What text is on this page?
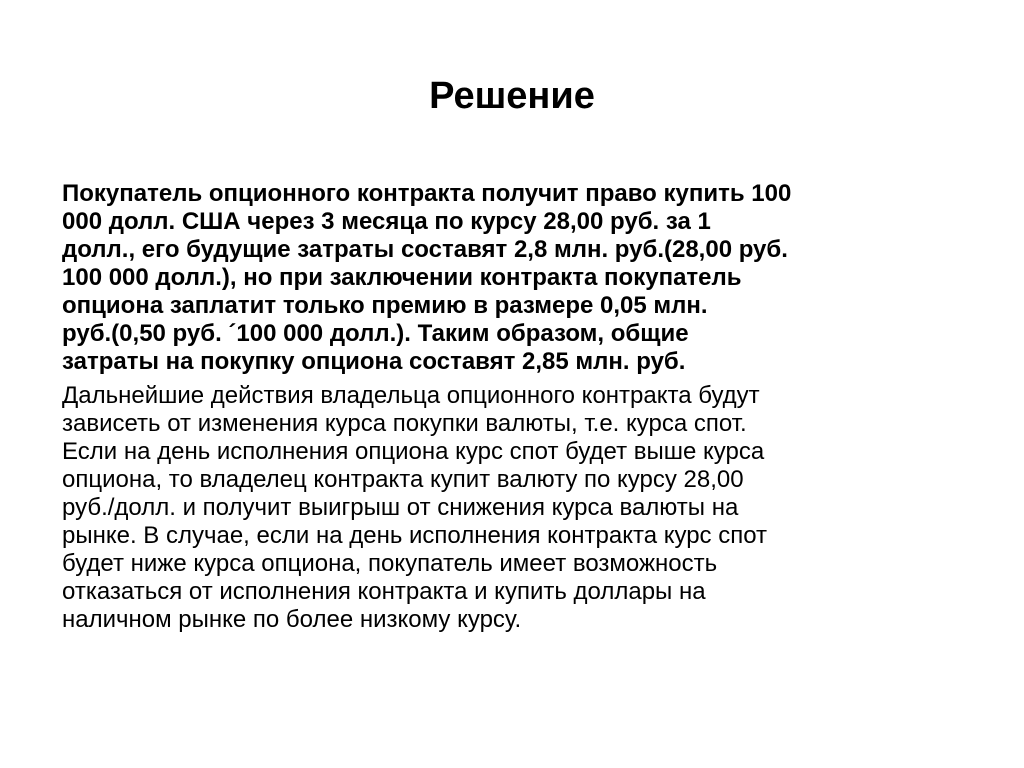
Решение

Покупатель опционного контракта получит право купить 100
000 долл. США через 3 месяца по курсу 28,00 руб. за 1
долл., его будущие затраты составят 2,8 млн. руб.(28,00 руб.
100 000 долл.), но при заключении контракта покупатель
опциона заплатит только премию в размере 0,05 млн.
руб.(0,50 руб. ´100 000 долл.). Таким образом, общие
затраты на покупку опциона составят 2,85 млн. руб.

Дальнейшие действия владельца опционного контракта будут
зависеть от изменения курса покупки валюты, т.е. курса спот.
Если на день исполнения опциона курс спот будет выше курса
опциона, то владелец контракта купит валюту по курсу 28,00
руб./долл. и получит выигрыш от снижения курса валюты на
рынке. В случае, если на день исполнения контракта курс спот
будет ниже курса опциона, покупатель имеет возможность
отказаться от исполнения контракта и купить доллары на
наличном рынке по более низкому курсу.
